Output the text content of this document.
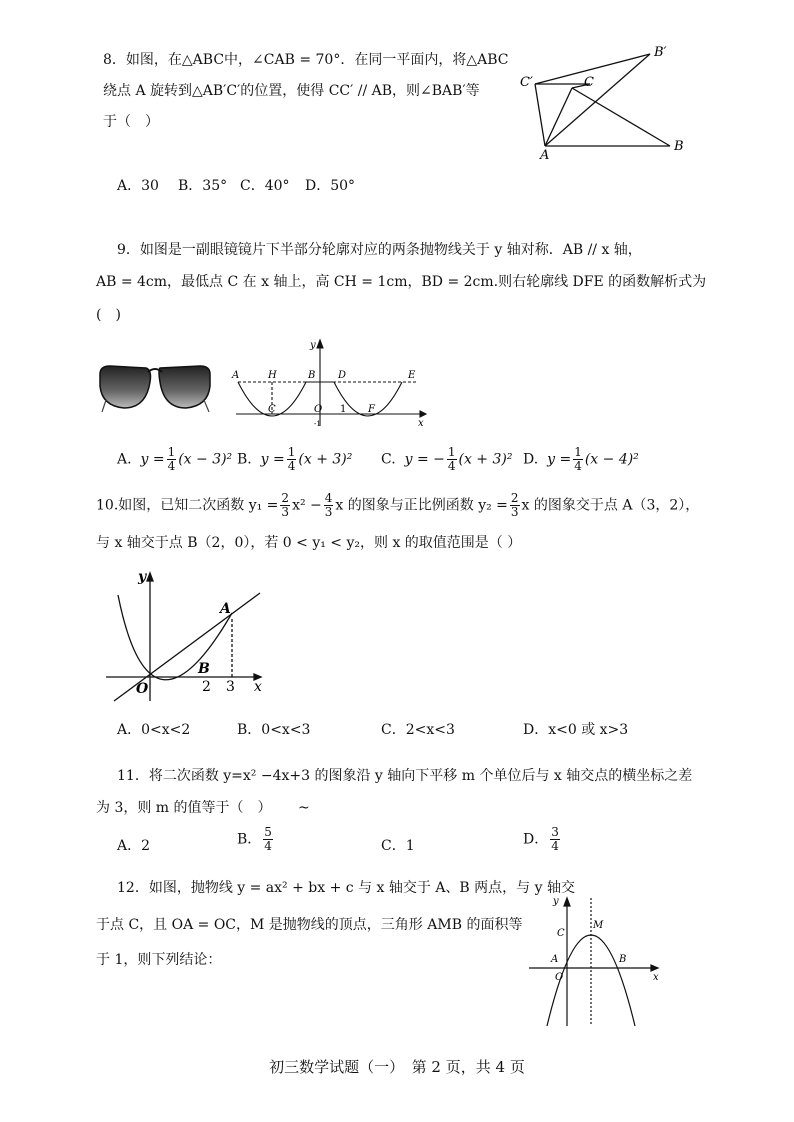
8．如图，在△ABC中，∠CAB = 70°．在同一平面内，将△ABC
绕点 A 旋转到△AB′C′的位置，使得 CC′ // AB，则∠BAB′等
于（　）
A
B
C
C′
B′
A．30 B．35° C．40° D．50°
9．如图是一副眼镜镜片下半部分轮廓对应的两条抛物线关于 y 轴对称．AB // x 轴，
AB = 4cm，最低点 C 在 x 轴上，高 CH = 1cm，BD = 2cm.则右轮廓线 DFE 的函数解析式为
(　)
A	H	B D	E
C	O 1 F
x
y
-1
A. $y = \frac{1}{4} (x - 3)^2$ B. $y = \frac{1}{4} (x + 3)^2$ C. y = − $\frac{1}{4} (x + 3)^2$ D. $y = \frac{1}{4} (x - 4)^2$
10.如图，已知二次函数 $y_1 = \frac{2}{3} x^2 - \frac{4}{3}$ x 的图象与正比例函数 $y_2 = \frac{2}{3}$ x 的图象交于点 A（3，2），
与 x 轴交于点 B（2，0），若 0 < y₁ < y₂，则 x 的取值范围是（ ）
y
A
B
O	2 3 x
A．0<x<2	B．0<x<3	C．2<x<3	D．x<0 或 x>3
11．将二次函数 y=x² −4x+3 的图象沿 y 轴向下平移 m 个单位后与 x 轴交点的横坐标之差
为 3，则 m 的值等于（　） ~
A．2	B． $\frac{5}{4}$	C．1	D． $\frac{3}{4}$
12．如图，抛物线 y = ax² + bx + c 与 x 轴交于 A、B 两点，与 y 轴交
于点 C，且 OA = OC，M 是抛物线的顶点，三角形 AMB 的面积等
于 1，则下列结论：
y
C
M
A
O
B
x
初三数学试题（一）　第 2 页，共 4 页
